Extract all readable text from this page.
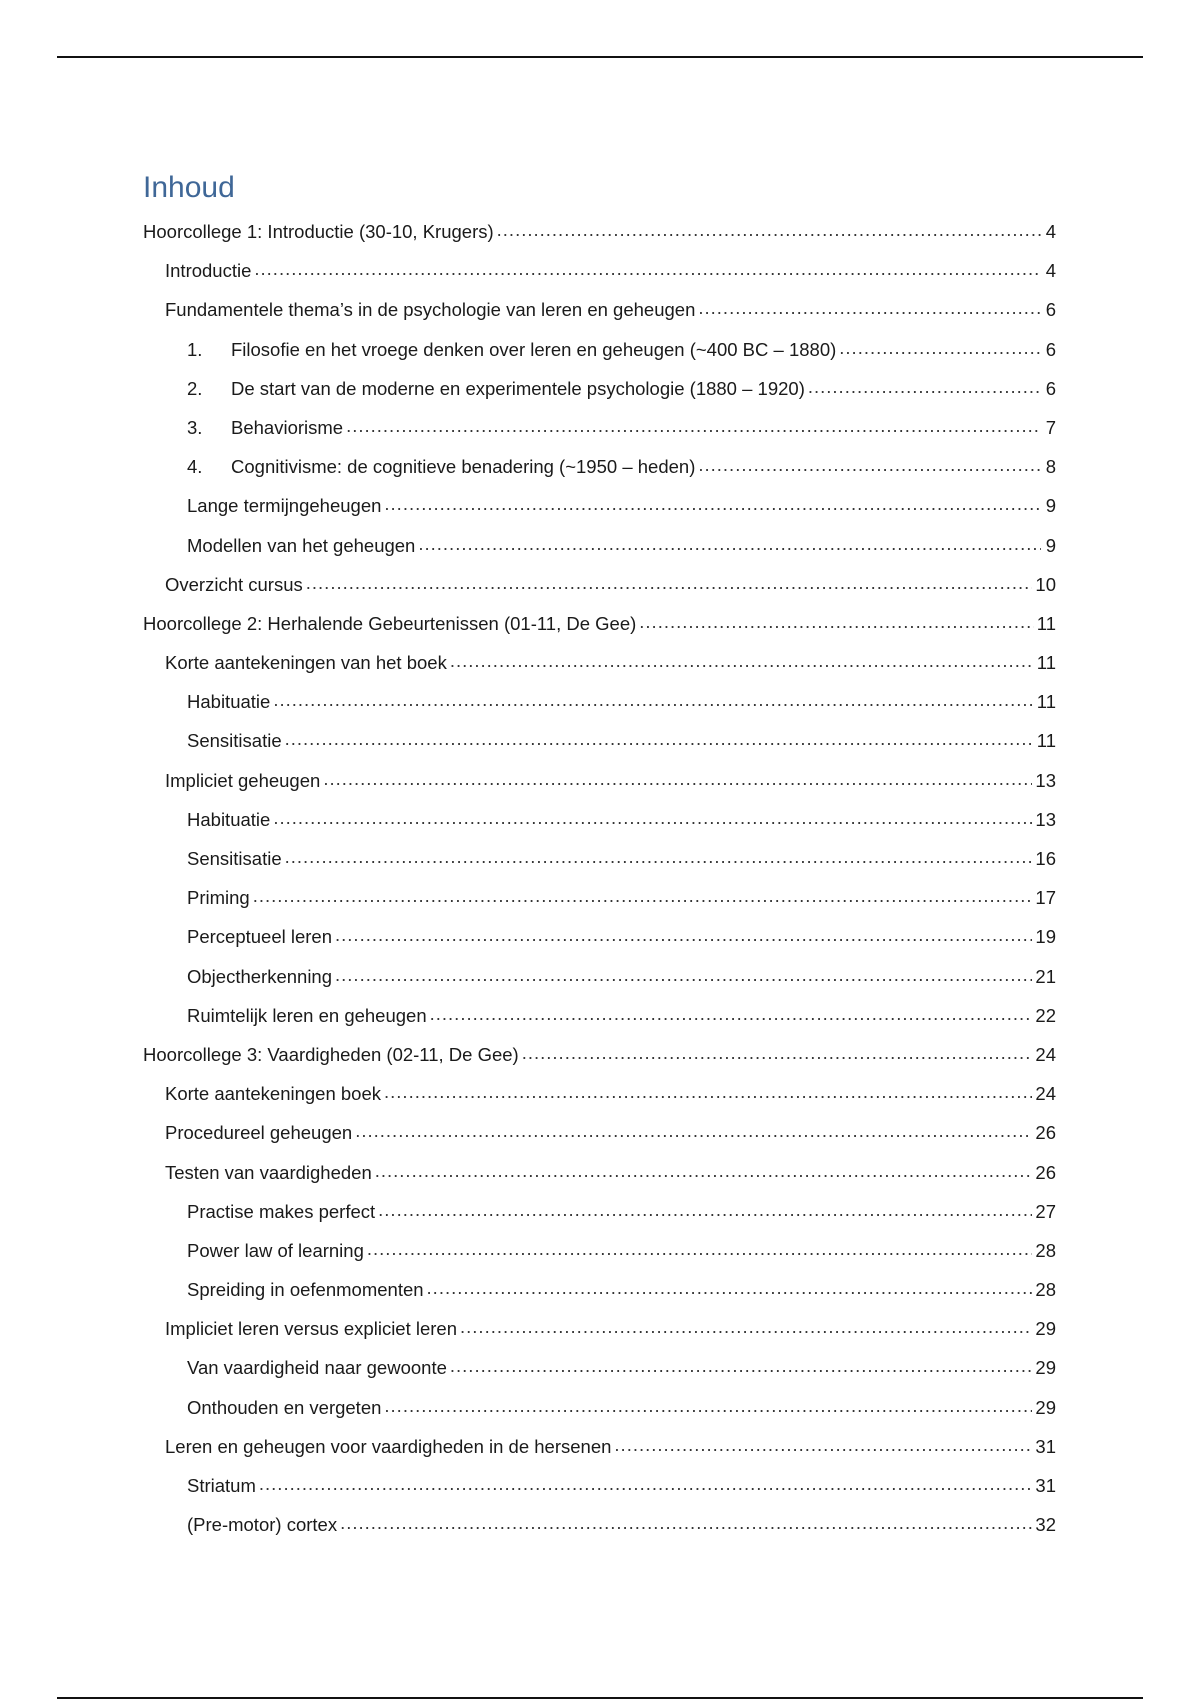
Inhoud
Hoorcollege 1: Introductie (30-10, Krugers) .....	4
Introductie .....	4
Fundamentele thema’s in de psychologie van leren en geheugen .....	6
1.	Filosofie en het vroege denken over leren en geheugen (~400 BC – 1880) .....	6
2.	De start van de moderne en experimentele psychologie (1880 – 1920) .....	6
3.	Behaviorisme .....	7
4.	Cognitivisme: de cognitieve benadering (~1950 – heden) .....	8
Lange termijngeheugen .....	9
Modellen van het geheugen .....	9
Overzicht cursus .....	10
Hoorcollege 2: Herhalende Gebeurtenissen (01-11, De Gee) .....	11
Korte aantekeningen van het boek .....	11
Habituatie .....	11
Sensitisatie .....	11
Impliciet geheugen .....	13
Habituatie .....	13
Sensitisatie .....	16
Priming .....	17
Perceptueel leren .....	19
Objectherkenning .....	21
Ruimtelijk leren en geheugen .....	22
Hoorcollege 3: Vaardigheden (02-11, De Gee) .....	24
Korte aantekeningen boek .....	24
Procedureel geheugen .....	26
Testen van vaardigheden .....	26
Practise makes perfect .....	27
Power law of learning .....	28
Spreiding in oefenmomenten .....	28
Impliciet leren versus expliciet leren .....	29
Van vaardigheid naar gewoonte .....	29
Onthouden en vergeten .....	29
Leren en geheugen voor vaardigheden in de hersenen .....	31
Striatum .....	31
(Pre-motor) cortex .....	32
